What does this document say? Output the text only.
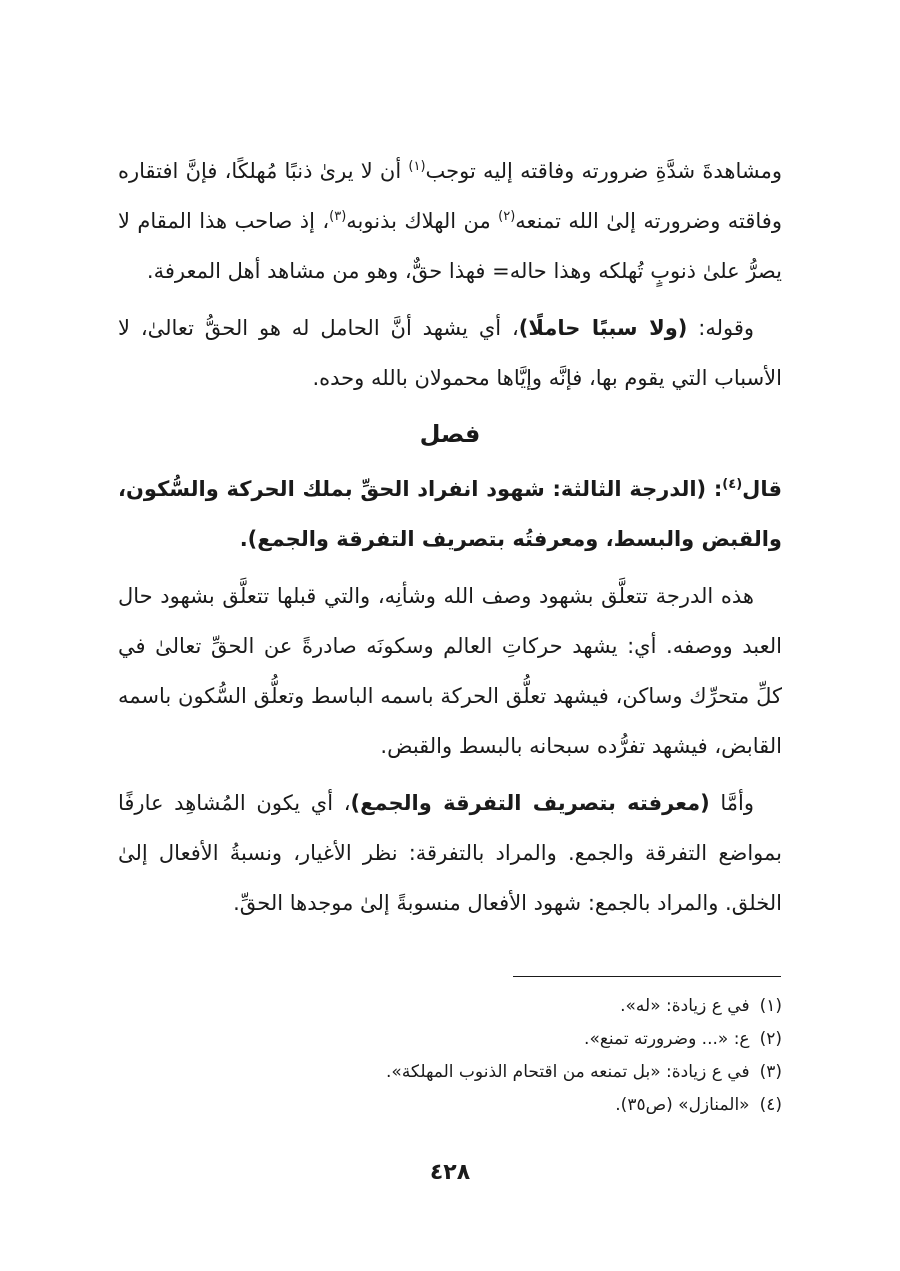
ومشاهدةَ شدَّةِ ضرورته وفاقته إليه توجب$^{(١)}$ أن لا يرىٰ ذنبًا مُهلكًا، فإنَّ افتقاره وفاقته وضرورته إلىٰ الله تمنعه$^{(٢)}$ من الهلاك بذنوبه$^{(٣)}$، إذ صاحب هذا المقام لا يصرُّ علىٰ ذنوبٍ تُهلكه وهذا حاله= فهذا حقٌّ، وهو من مشاهد أهل المعرفة.

وقوله: (ولا سببًا حاملًا)، أي يشهد أنَّ الحامل له هو الحقُّ تعالىٰ، لا الأسباب التي يقوم بها، فإنَّه وإيَّاها محمولان بالله وحده.

فصل

قال$^{(٤)}$: (الدرجة الثالثة: شهود انفراد الحقِّ بملك الحركة والسُّكون، والقبض والبسط، ومعرفتُه بتصريف التفرقة والجمع).

هذه الدرجة تتعلَّق بشهود وصف الله وشأنِه، والتي قبلها تتعلَّق بشهود حال العبد ووصفه. أي: يشهد حركاتِ العالم وسكونَه صادرةً عن الحقِّ تعالىٰ في كلِّ متحرِّك وساكن، فيشهد تعلُّق الحركة باسمه الباسط وتعلُّق السُّكون باسمه القابض، فيشهد تفرُّده سبحانه بالبسط والقبض.

وأمَّا (معرفته بتصريف التفرقة والجمع)، أي يكون المُشاهِد عارفًا بمواضع التفرقة والجمع. والمراد بالتفرقة: نظر الأغيار، ونسبةُ الأفعال إلىٰ الخلق. والمراد بالجمع: شهود الأفعال منسوبةً إلىٰ موجدها الحقِّ.

(١)في ع زيادة: «له».
(٢)ع: «... وضرورته تمنع».
(٣)في ع زيادة: «بل تمنعه من اقتحام الذنوب المهلكة».
(٤)«المنازل» (ص٣٥).
٤٢٨
